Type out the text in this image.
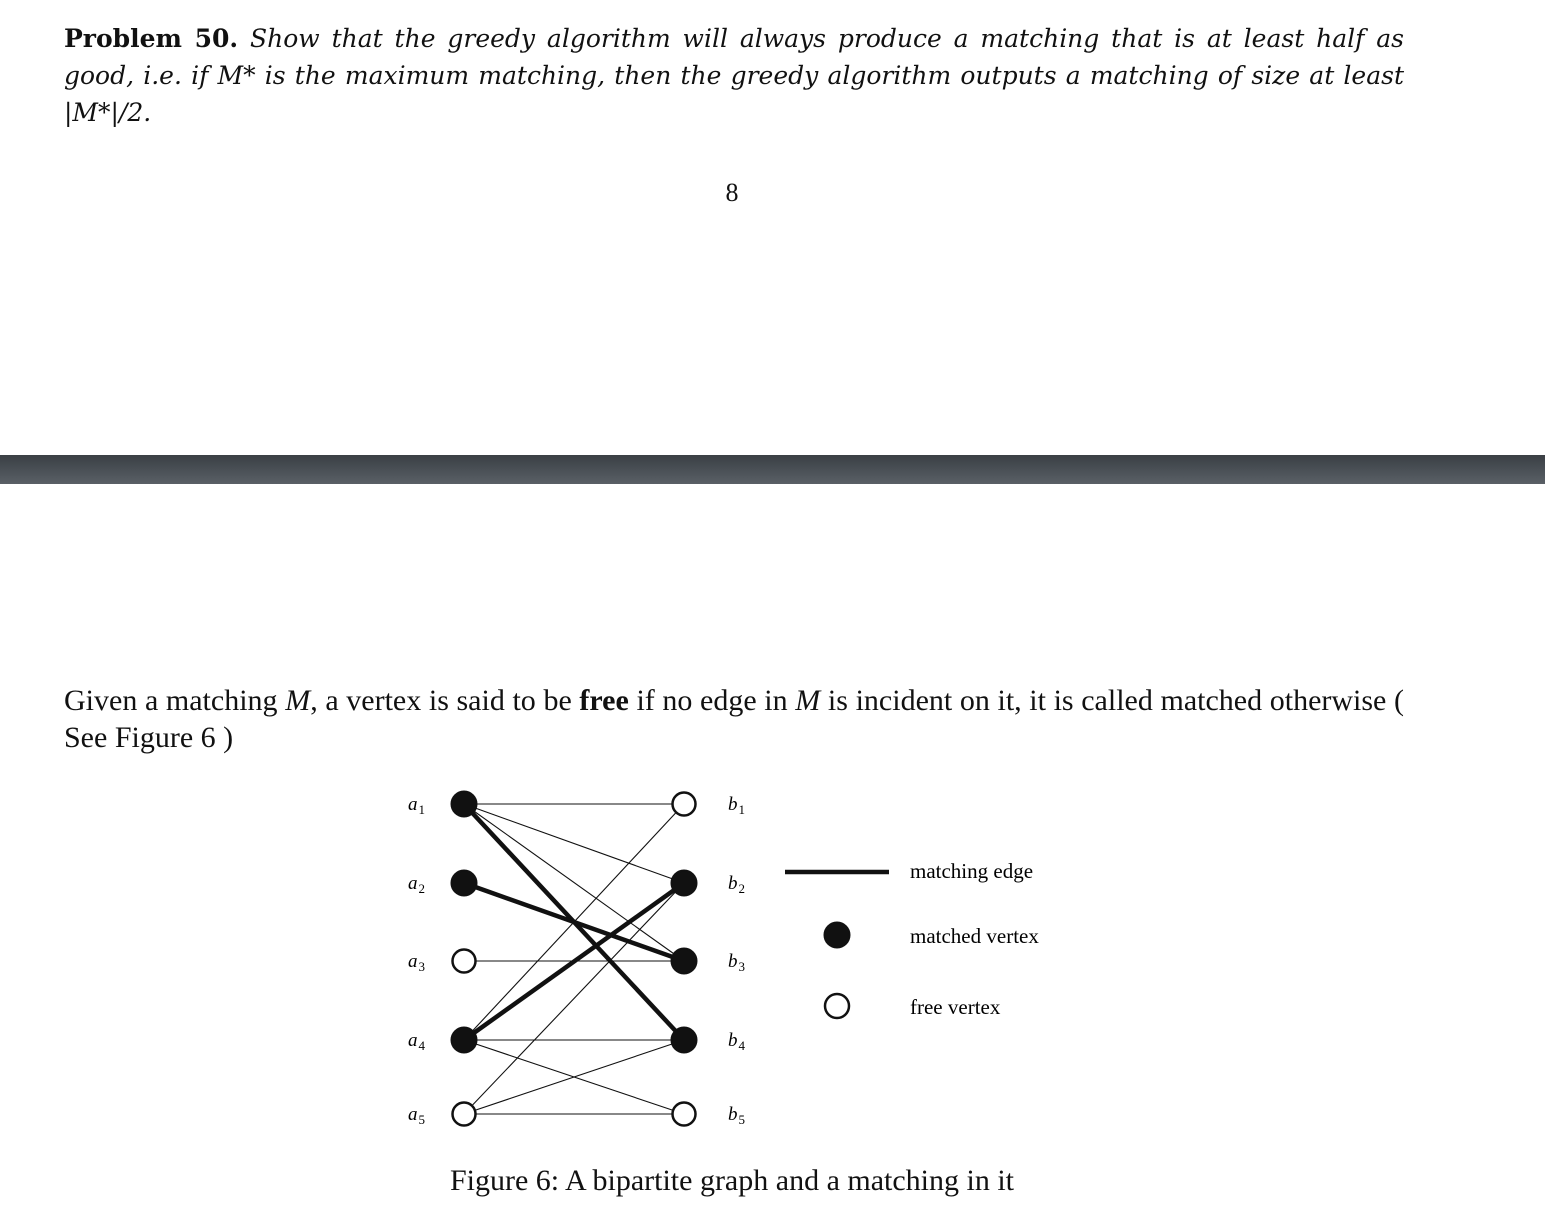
Problem 50. Show that the greedy algorithm will always produce a matching that is at least half as good, i.e. if M* is the maximum matching, then the greedy algorithm outputs a matching of size at least |M*|/2.
8
Given a matching M, a vertex is said to be free if no edge in M is incident on it, it is called matched otherwise ( See Figure 6 )
$a_1$
$a_2$
$a_3$
$a_4$
$a_5$
$b_1$
$b_2$
$b_3$
$b_4$
$b_5$
matching edge
matched vertex
free vertex
Figure 6: A bipartite graph and a matching in it
